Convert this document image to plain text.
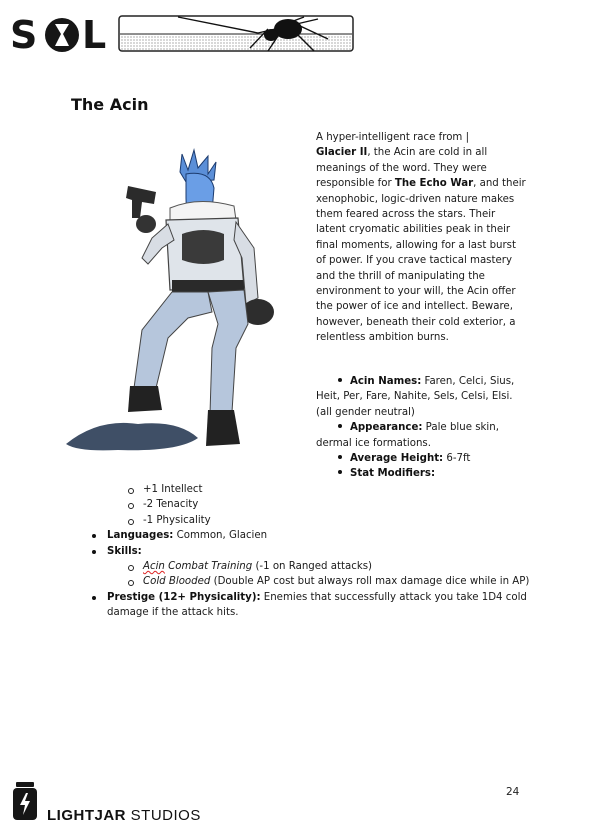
S L
The Acin

A hyper-intelligent race from |
Glacier II, the Acin are cold in all meanings of the word. They were responsible for The Echo War, and their xenophobic, logic-driven nature makes them feared across the stars. Their latent cryomatic abilities peak in their final moments, allowing for a last burst of power. If you crave tactical mastery and the thrill of manipulating the environment to your will, the Acin offer the power of ice and intellect. Beware, however, beneath their cold exterior, a relentless ambition burns.

Acin Names: Faren, Celci, Sius, Heit, Per, Fare, Nahite, Sels, Celsi, Elsi. (all gender neutral)
Appearance: Pale blue skin, dermal ice formations.
Average Height: 6-7ft
Stat Modifiers:
+1 Intellect
-2 Tenacity
-1 Physicality
Languages: Common, Glacien
Skills:
Acin Combat Training (-1 on Ranged attacks)
Cold Blooded (Double AP cost but always roll max damage dice while in AP)
Prestige (12+ Physicality): Enemies that successfully attack you take 1D4 cold damage if the attack hits.
24
LIGHTJAR STUDIOS
